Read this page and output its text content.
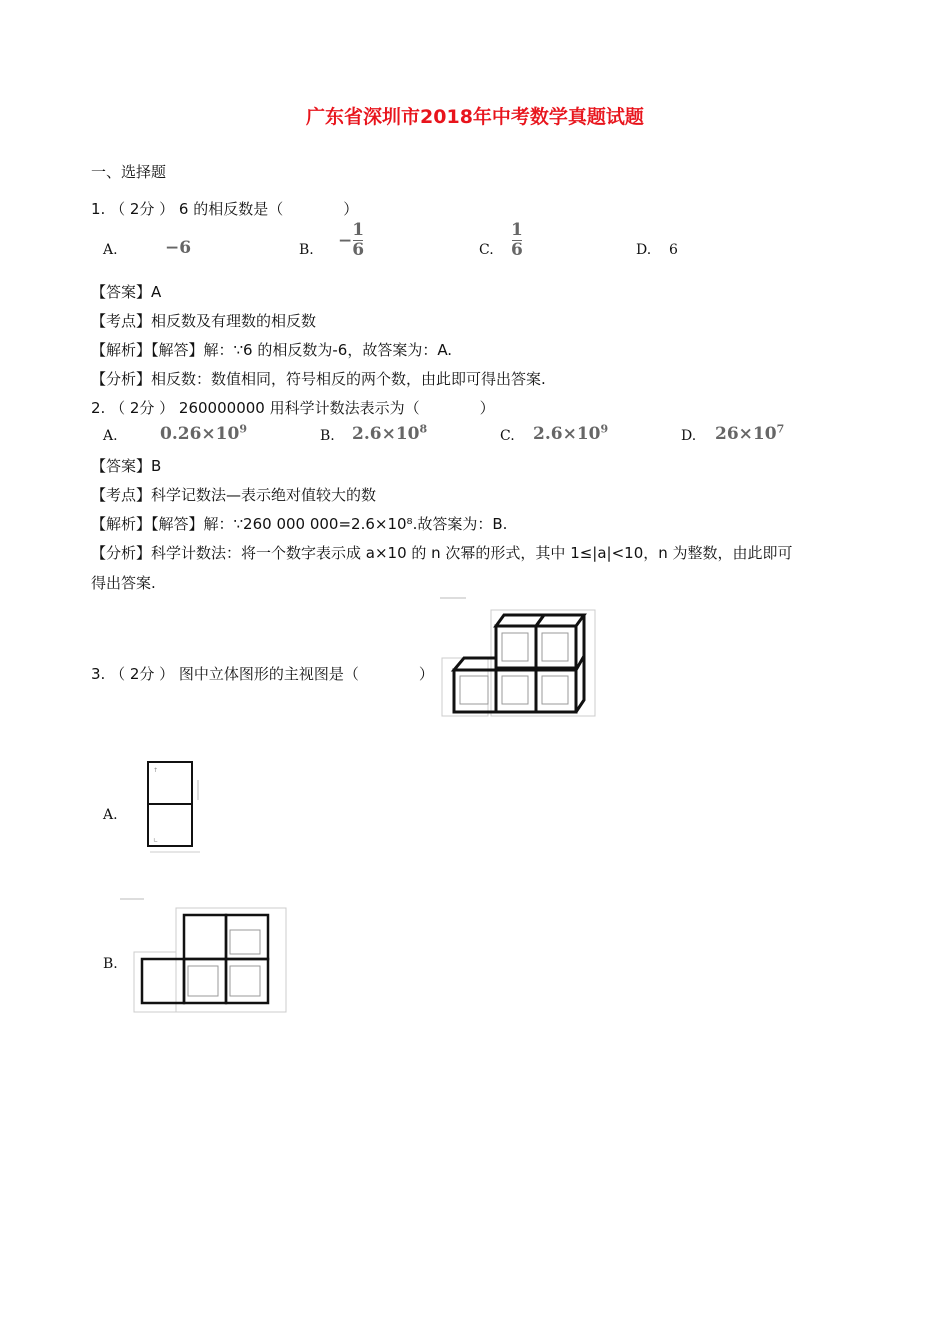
广东省深圳市2018年中考数学真题试题
一、选择题
1. （ 2分 ） 6 的相反数是（　　　　）
A.	−6	B. − $\frac{1}{6}$	C. $\frac{1}{6}$	D. 6
【答案】A
【考点】相反数及有理数的相反数
【解析】【解答】解：∵6 的相反数为-6，故答案为：A.
【分析】相反数：数值相同，符号相反的两个数，由此即可得出答案.
2. （ 2分 ） 260000000 用科学计数法表示为（　　　　）
A. $0.26\times 10^9$	B. $2.6\times 10^8$	C. $2.6\times 10^9$	D. $26\times 10^7$
【答案】B
【考点】科学记数法—表示绝对值较大的数
【解析】【解答】解：∵260 000 000=2.6×10⁸.故答案为：B.
【分析】科学计数法：将一个数字表示成 a×10 的 n 次幂的形式，其中 1≤|a|<10，n 为整数，由此即可
得出答案.
3. （ 2分 ） 图中立体图形的主视图是（　　　　）
A.
↑
∟
B.
